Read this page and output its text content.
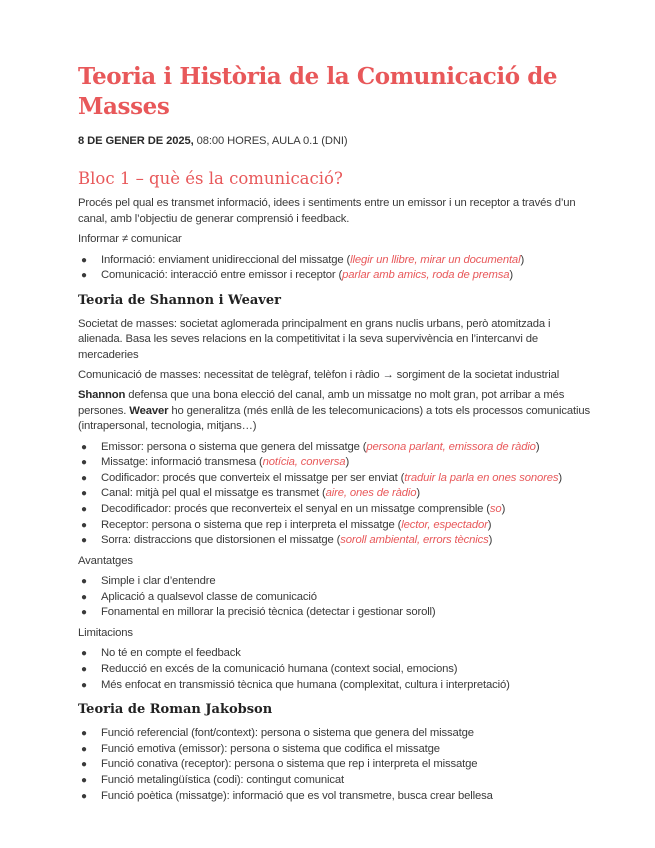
Teoria i Història de la Comunicació de Masses

8 DE GENER DE 2025, 08:00 HORES, AULA 0.1 (DNI)

Bloc 1 – què és la comunicació?

Procés pel qual es transmet informació, idees i sentiments entre un emissor i un receptor a través d’un canal, amb l’objectiu de generar comprensió i feedback.

Informar ≠ comunicar

● Informació: enviament unidireccional del missatge (llegir un llibre, mirar un documental)
● Comunicació: interacció entre emissor i receptor (parlar amb amics, roda de premsa)
Teoria de Shannon i Weaver

Societat de masses: societat aglomerada principalment en grans nuclis urbans, però atomitzada i alienada. Basa les seves relacions en la competitivitat i la seva supervivència en l’intercanvi de mercaderies

Comunicació de masses: necessitat de telègraf, telèfon i ràdio → sorgiment de la societat industrial

Shannon defensa que una bona elecció del canal, amb un missatge no molt gran, pot arribar a més persones. Weaver ho generalitza (més enllà de les telecomunicacions) a tots els processos comunicatius (intrapersonal, tecnologia, mitjans…)

● Emissor: persona o sistema que genera del missatge (persona parlant, emissora de ràdio)
● Missatge: informació transmesa (notícia, conversa)
● Codificador: procés que converteix el missatge per ser enviat (traduir la parla en ones sonores)
● Canal: mitjà pel qual el missatge es transmet (aire, ones de ràdio)
● Decodificador: procés que reconverteix el senyal en un missatge comprensible (so)
● Receptor: persona o sistema que rep i interpreta el missatge (lector, espectador)
● Sorra: distraccions que distorsionen el missatge (soroll ambiental, errors tècnics)

Avantatges

● Simple i clar d’entendre
● Aplicació a qualsevol classe de comunicació
● Fonamental en millorar la precisió tècnica (detectar i gestionar soroll)

Limitacions

● No té en compte el feedback
● Reducció en excés de la comunicació humana (context social, emocions)
● Més enfocat en transmissió tècnica que humana (complexitat, cultura i interpretació)
Teoria de Roman Jakobson
● Funció referencial (font/context): persona o sistema que genera del missatge
● Funció emotiva (emissor): persona o sistema que codifica el missatge
● Funció conativa (receptor): persona o sistema que rep i interpreta el missatge
● Funció metalingüística (codi): contingut comunicat
● Funció poètica (missatge): informació que es vol transmetre, busca crear bellesa
